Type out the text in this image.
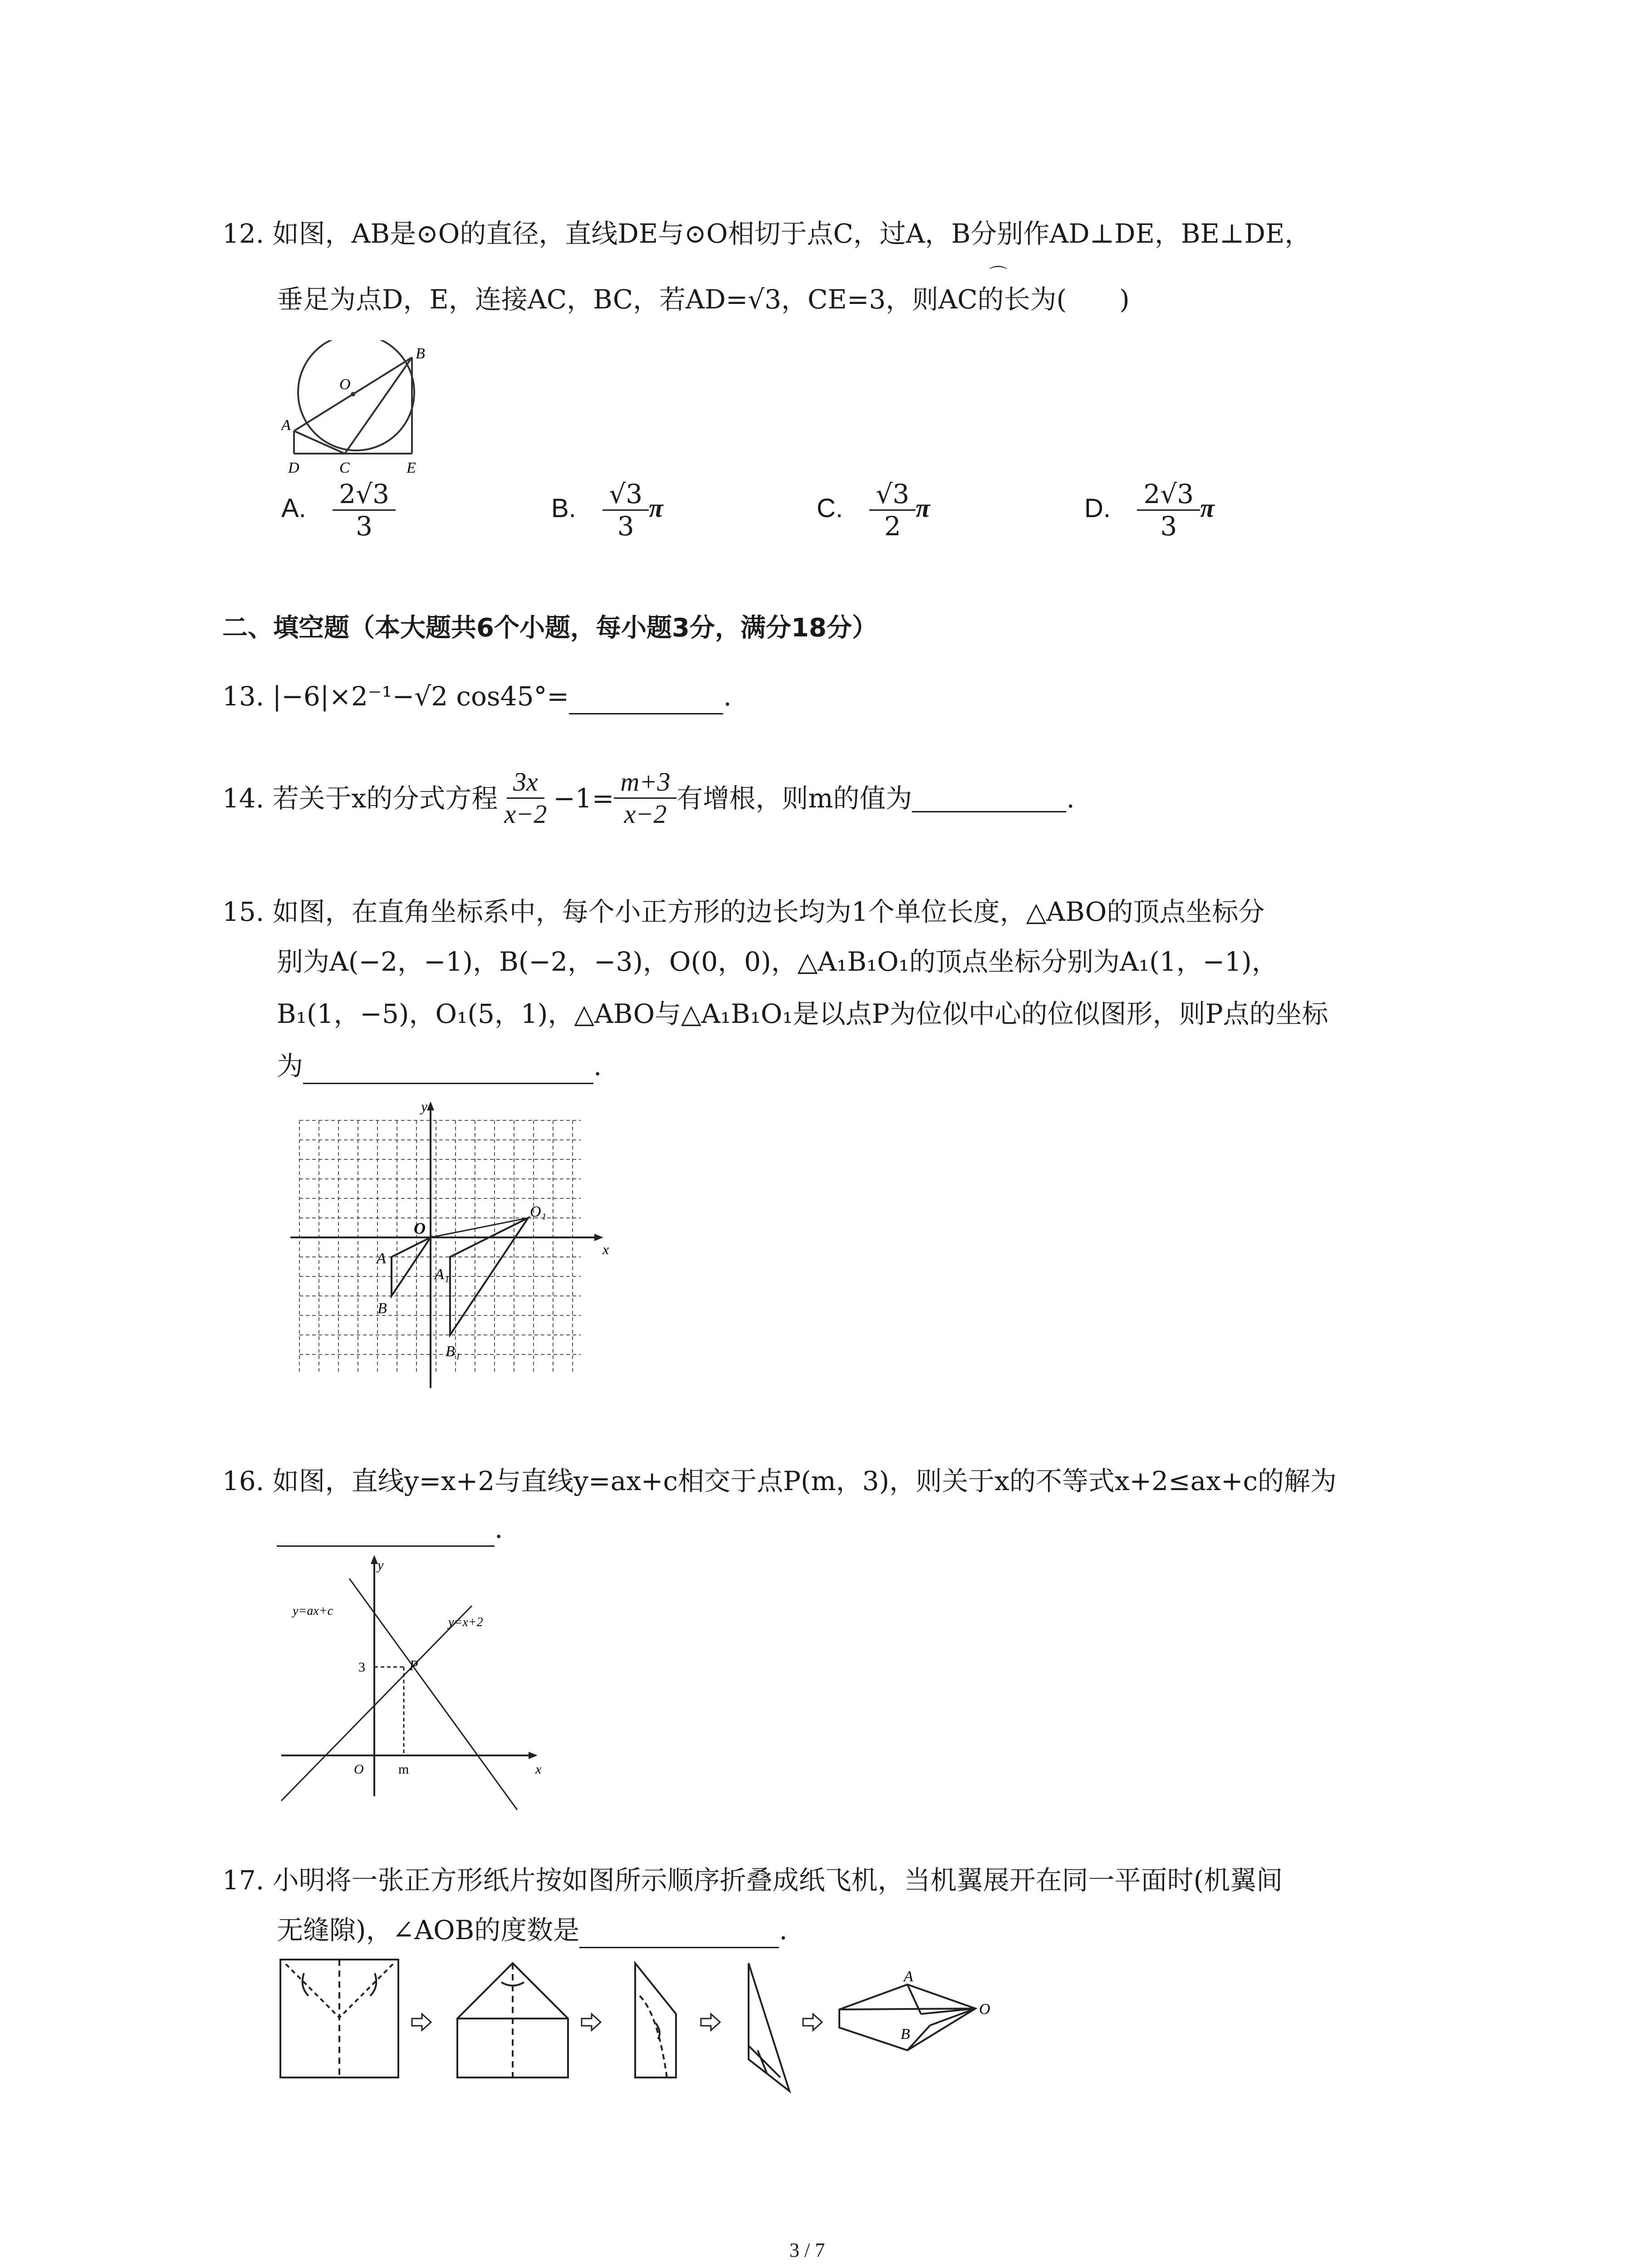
12. 如图，AB是⊙O的直径，直线DE与⊙O相切于点C，过A，B分别作AD⊥DE，BE⊥DE，
垂足为点D，E，连接AC，BC，若AD=√3，CE=3，则AC的长为(　　)
⌒
O
B
A
D	C	E
A. $\frac{2√3}{3}$	B. $\frac{√3}{3}$ π	C. $\frac{√3}{2}$ π	D. $\frac{2√3}{3}$ π
二、填空题（本大题共6个小题，每小题3分，满分18分）
13. |−6|×2⁻¹−√2 cos45°=	.
14. 若关于x的分式方程 $\frac{3x}{x-2} -1= \frac{m+3}{x-2}$ 有增根，则m的值为	.
15. 如图，在直角坐标系中，每个小正方形的边长均为1个单位长度，△ABO的顶点坐标分
别为A(−2，−1)，B(−2，−3)，O(0，0)，△A₁B₁O₁的顶点坐标分别为A₁(1，−1)，
B₁(1，−5)，O₁(5，1)，△ABO与△A₁B₁O₁是以点P为位似中心的位似图形，则P点的坐标
为	.
y
x
O
A
B
A₁
B₁
O₁
16. 如图，直线y=x+2与直线y=ax+c相交于点P(m，3)，则关于x的不等式x+2≤ax+c的解为
.
y
x
O	m
3	P
y=ax+c
y=x+2
17. 小明将一张正方形纸片按如图所示顺序折叠成纸飞机，当机翼展开在同一平面时(机翼间
无缝隙)，∠AOB的度数是	.
A
B
O
3 / 7
